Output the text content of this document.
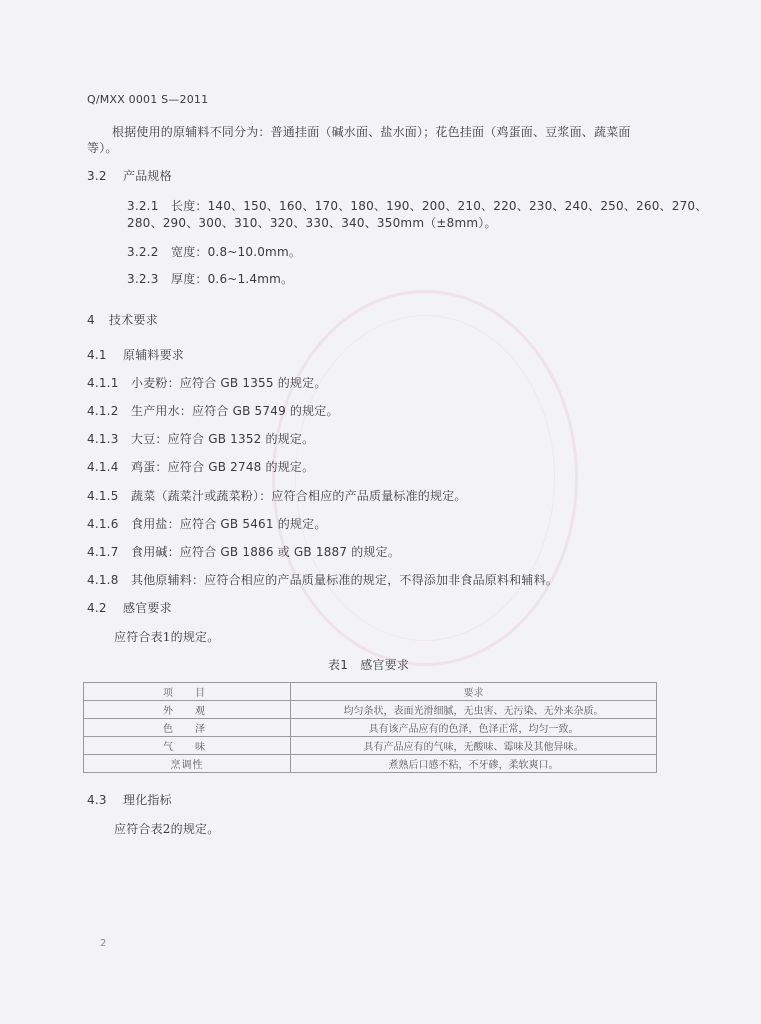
Q/MXX 0001 S—2011
根据使用的原辅料不同分为：普通挂面（碱水面、盐水面）；花色挂面（鸡蛋面、豆浆面、蔬菜面
等）。
3.2 产品规格
3.2.1 长度：140、150、160、170、180、190、200、210、220、230、240、250、260、270、
280、290、300、310、320、330、340、350mm（±8mm）。
3.2.2 宽度：0.8~10.0mm。
3.2.3 厚度：0.6~1.4mm。
4 技术要求
4.1 原辅料要求
4.1.1 小麦粉：应符合 GB 1355 的规定。
4.1.2 生产用水：应符合 GB 5749 的规定。
4.1.3 大豆：应符合 GB 1352 的规定。
4.1.4 鸡蛋：应符合 GB 2748 的规定。
4.1.5 蔬菜（蔬菜汁或蔬菜粉）：应符合相应的产品质量标准的规定。
4.1.6 食用盐：应符合 GB 5461 的规定。
4.1.7 食用碱：应符合 GB 1886 或 GB 1887 的规定。
4.1.8 其他原辅料：应符合相应的产品质量标准的规定，不得添加非食品原料和辅料。
4.2 感官要求
应符合表1的规定。
表1　感官要求
项　目	要求
外　观	均匀条状，表面光滑细腻，无虫害、无污染、无外来杂质。
色　泽	具有该产品应有的色泽，色泽正常，均匀一致。
气　味	具有产品应有的气味，无酸味、霉味及其他异味。
烹调性	煮熟后口感不粘，不牙碜，柔软爽口。
4.3 理化指标
应符合表2的规定。
2
